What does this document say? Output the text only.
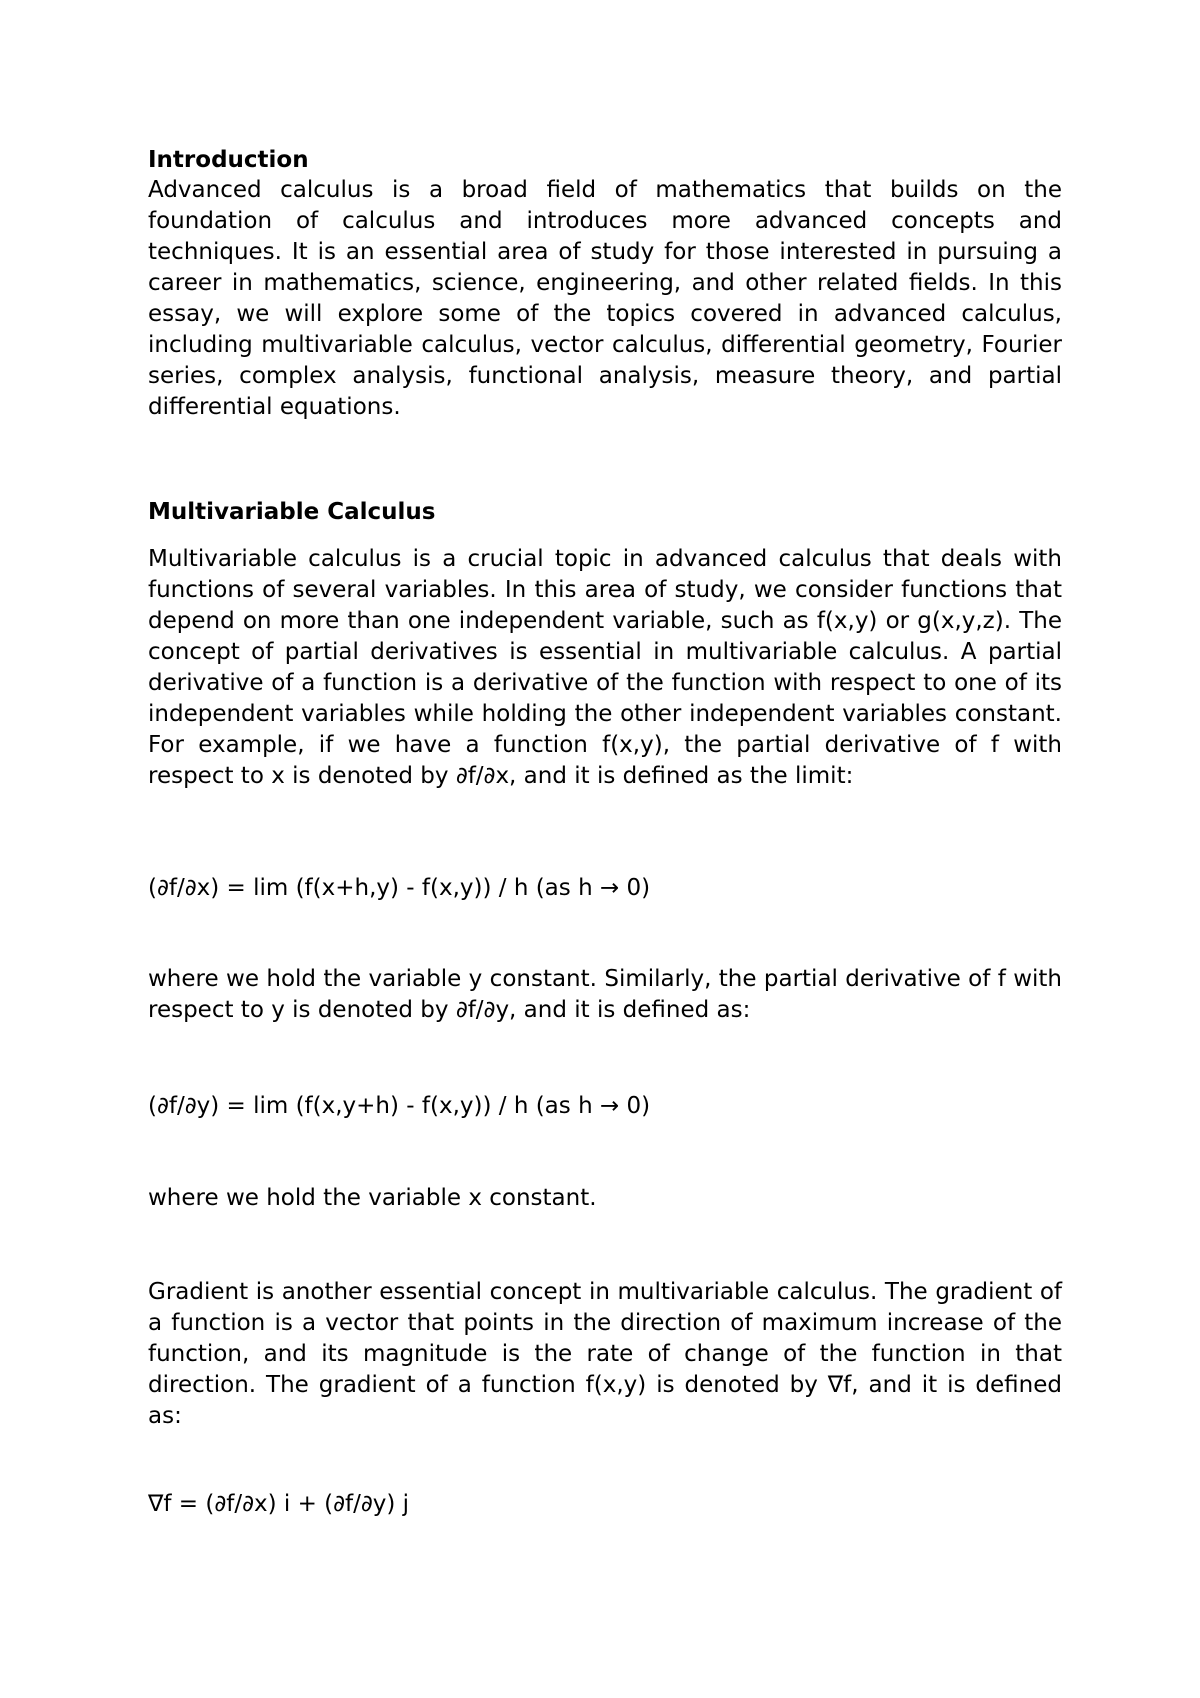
Introduction

Advanced calculus is a broad field of mathematics that builds on the foundation of calculus and introduces more advanced concepts and techniques. It is an essential area of study for those interested in pursuing a career in mathematics, science, engineering, and other related fields. In this essay, we will explore some of the topics covered in advanced calculus, including multivariable calculus, vector calculus, differential geometry, Fourier series, complex analysis, functional analysis, measure theory, and partial differential equations.

Multivariable Calculus

Multivariable calculus is a crucial topic in advanced calculus that deals with functions of several variables. In this area of study, we consider functions that depend on more than one independent variable, such as f(x,y) or g(x,y,z). The concept of partial derivatives is essential in multivariable calculus. A partial derivative of a function is a derivative of the function with respect to one of its independent variables while holding the other independent variables constant. For example, if we have a function f(x,y), the partial derivative of f with respect to x is denoted by ∂f/∂x, and it is defined as the limit:

(∂f/∂x) = lim (f(x+h,y) - f(x,y)) / h (as h → 0)

where we hold the variable y constant. Similarly, the partial derivative of f with respect to y is denoted by ∂f/∂y, and it is defined as:

(∂f/∂y) = lim (f(x,y+h) - f(x,y)) / h (as h → 0)

where we hold the variable x constant.

Gradient is another essential concept in multivariable calculus. The gradient of a function is a vector that points in the direction of maximum increase of the function, and its magnitude is the rate of change of the function in that direction. The gradient of a function f(x,y) is denoted by ∇f, and it is defined as:

∇f = (∂f/∂x) i + (∂f/∂y) j
